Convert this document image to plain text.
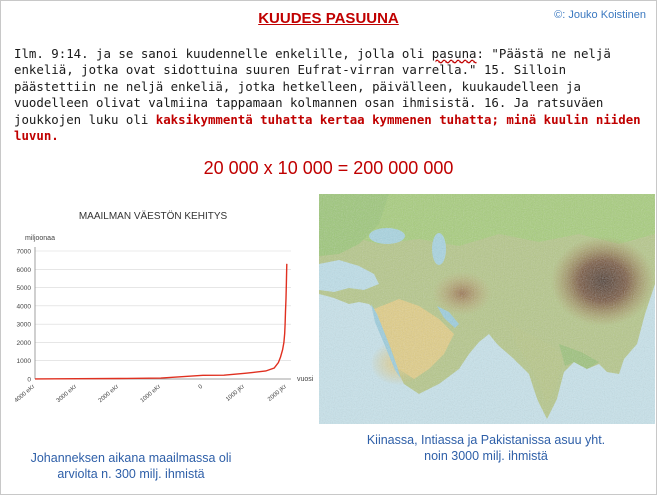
KUUDES PASUUNA	©: Jouko Koistinen
Ilm. 9:14. ja se sanoi kuudennelle enkelille, jolla oli pasuna: "Päästä ne neljä enkeliä, jotka ovat sidottuina suuren Eufrat-virran varrella." 15. Silloin päästettiin ne neljä enkeliä, jotka hetkelleen, päivälleen, kuukaudelleen ja vuodelleen olivat valmiina tappamaan kolmannen osan ihmisistä. 16. Ja ratsuväen joukkojen luku oli kaksikymmentä tuhatta kertaa kymmenen tuhatta; minä kuulin niiden luvun.
20 000 x 10 000 = 200 000 000
MAAILMAN VÄESTÖN KEHITYS
miljoonaa
vuosi
0
1000
2000
3000
4000
5000
6000
7000
4000 eKr	3000 eKr	2000 eKr	1000 eKr	0	1000 jKr	2000 jKr
Johanneksen aikana maailmassa oli arviolta n. 300 milj. ihmistä
Kiinassa, Intiassa ja Pakistanissa asuu yht. noin 3000 milj. ihmistä
